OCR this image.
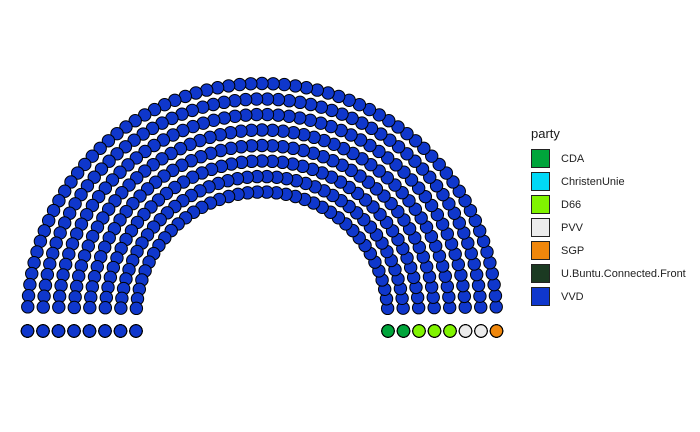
party
CDA
ChristenUnie
D66
PVV
SGP
U.Buntu.Connected.Front
VVD
